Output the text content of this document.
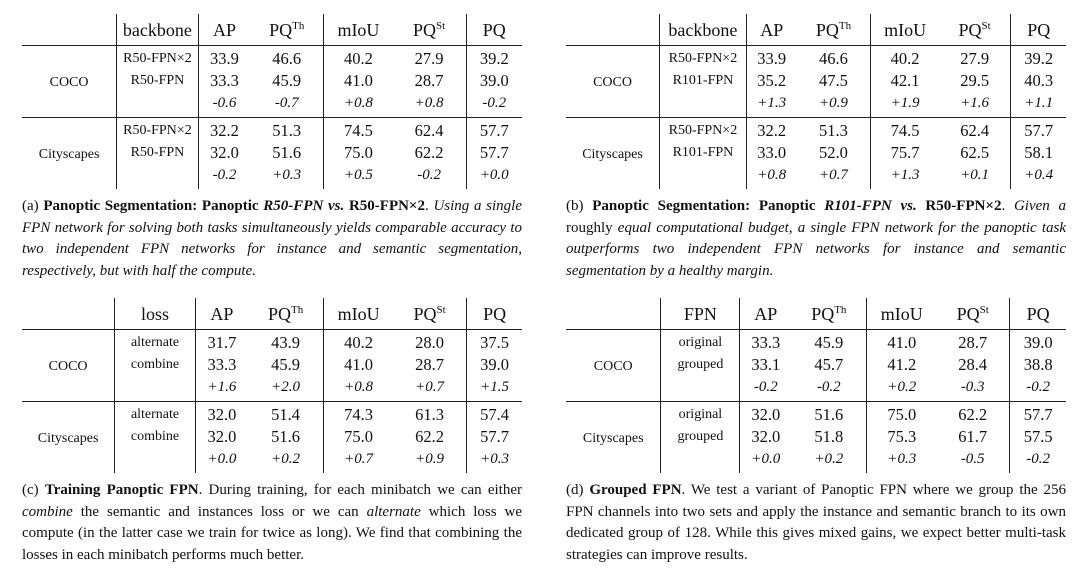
	backbone	AP	$PQ^{Th}$	mIoU	$PQ^{St}$	PQ
COCO	R50-FPN×2	33.9	46.6	40.2	27.9	39.2
	R50-FPN	33.3	45.9	41.0	28.7	39.0
		-0.6	-0.7	+0.8	+0.8	-0.2
Cityscapes	R50-FPN×2	32.2	51.3	74.5	62.4	57.7
	R50-FPN	32.0	51.6	75.0	62.2	57.7
		-0.2	+0.3	+0.5	-0.2	+0.0
(a) Panoptic Segmentation: Panoptic R50-FPN vs. R50-FPN×2. Using a single FPN network for solving both tasks simultaneously yields comparable accuracy to two independent FPN networks for instance and semantic segmentation, respectively, but with half the compute.
	backbone	AP	$PQ^{Th}$	mIoU	$PQ^{St}$	PQ
COCO	R50-FPN×2	33.9	46.6	40.2	27.9	39.2
	R101-FPN	35.2	47.5	42.1	29.5	40.3
		+1.3	+0.9	+1.9	+1.6	+1.1
Cityscapes	R50-FPN×2	32.2	51.3	74.5	62.4	57.7
	R101-FPN	33.0	52.0	75.7	62.5	58.1
		+0.8	+0.7	+1.3	+0.1	+0.4
(b) Panoptic Segmentation: Panoptic R101-FPN vs. R50-FPN×2. Given a roughly equal computational budget, a single FPN network for the panoptic task outperforms two independent FPN networks for instance and semantic segmentation by a healthy margin.
	loss	AP	$PQ^{Th}$	mIoU	$PQ^{St}$	PQ
COCO	alternate	31.7	43.9	40.2	28.0	37.5
	combine	33.3	45.9	41.0	28.7	39.0
		+1.6	+2.0	+0.8	+0.7	+1.5
Cityscapes	alternate	32.0	51.4	74.3	61.3	57.4
	combine	32.0	51.6	75.0	62.2	57.7
		+0.0	+0.2	+0.7	+0.9	+0.3
(c) Training Panoptic FPN. During training, for each minibatch we can either combine the semantic and instances loss or we can alternate which loss we compute (in the latter case we train for twice as long). We find that combining the losses in each minibatch performs much better.
	FPN	AP	$PQ^{Th}$	mIoU	$PQ^{St}$	PQ
COCO	original	33.3	45.9	41.0	28.7	39.0
	grouped	33.1	45.7	41.2	28.4	38.8
		-0.2	-0.2	+0.2	-0.3	-0.2
Cityscapes	original	32.0	51.6	75.0	62.2	57.7
	grouped	32.0	51.8	75.3	61.7	57.5
		+0.0	+0.2	+0.3	-0.5	-0.2
(d) Grouped FPN. We test a variant of Panoptic FPN where we group the 256 FPN channels into two sets and apply the instance and semantic branch to its own dedicated group of 128. While this gives mixed gains, we expect better multi-task strategies can improve results.
